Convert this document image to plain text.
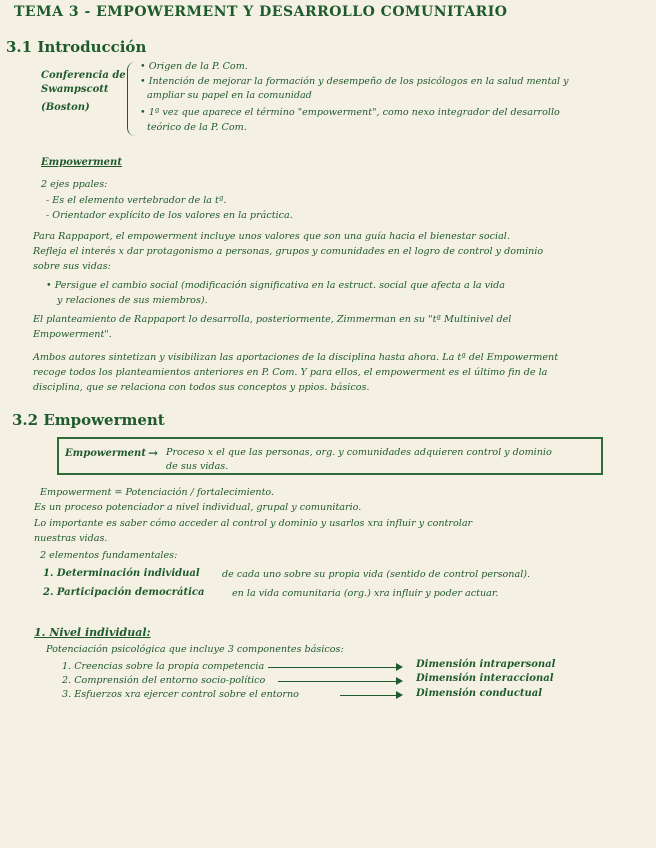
TEMA 3 - EMPOWERMENT Y DESARROLLO COMUNITARIO
3.1 Introducción
Conferencia de
Swampscott
(Boston)
• Origen de la P. Com.
• Intención de mejorar la formación y desempeño de los psicólogos en la salud mental y
ampliar su papel en la comunidad
• 1ª vez que aparece el término "empowerment", como nexo integrador del desarrollo
teórico de la P. Com.
Empowerment
2 ejes ppales:
- Es el elemento vertebrador de la tª.
- Orientador explícito de los valores en la práctica.
Para Rappaport, el empowerment incluye unos valores que son una guía hacia el bienestar social.
Refleja el interés x dar protagonismo a personas, grupos y comunidades en el logro de control y dominio
sobre sus vidas:
• Persigue el cambio social (modificación significativa en la estruct. social que afecta a la vida
y relaciones de sus miembros).
El planteamiento de Rappaport lo desarrolla, posteriormente, Zimmerman en su "tª Multinivel del
Empowerment".
Ambos autores sintetizan y visibilizan las aportaciones de la disciplina hasta ahora. La tª del Empowerment
recoge todos los planteamientos anteriores en P. Com. Y para ellos, el empowerment es el último fin de la
disciplina, que se relaciona con todos sus conceptos y ppios. básicos.
3.2 Empowerment
Empowerment → Proceso x el que las personas, org. y comunidades adquieren control y dominio
de sus vidas.
Empowerment = Potenciación / fortalecimiento.
Es un proceso potenciador a nivel individual, grupal y comunitario.
Lo importante es saber cómo acceder al control y dominio y usarlos xra influir y controlar
nuestras vidas.
2 elementos fundamentales:
1. Determinación individual de cada uno sobre su propia vida (sentido de control personal).
2. Participación democrática	en la vida comunitaria (org.) xra influir y poder actuar.
1. Nivel individual:
Potenciación psicológica que incluye 3 componentes básicos:
1. Creencias sobre la propia competencia	Dimensión intrapersonal
2. Comprensión del entorno socio-político	Dimensión interaccional
3. Esfuerzos xra ejercer control sobre el entorno	Dimensión conductual
